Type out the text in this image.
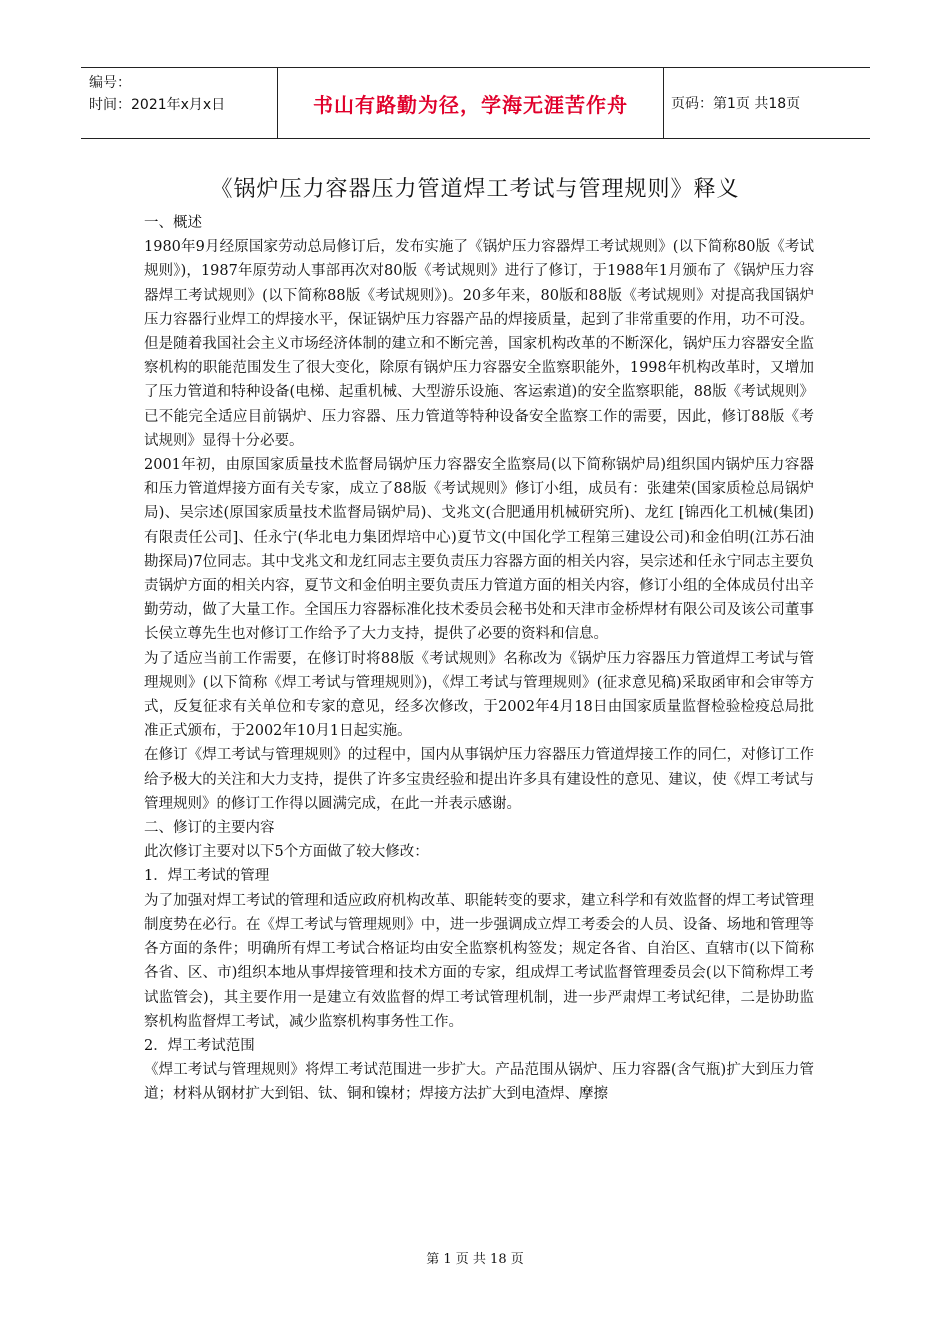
编号：
时间：2021年x月x日	书山有路勤为径，学海无涯苦作舟	页码：第1页 共18页
《锅炉压力容器压力管道焊工考试与管理规则》释义

一、概述

1980年9月经原国家劳动总局修订后，发布实施了《锅炉压力容器焊工考试规则》(以下简称80版《考试规则》)，1987年原劳动人事部再次对80版《考试规则》进行了修订，于1988年1月颁布了《锅炉压力容器焊工考试规则》(以下简称88版《考试规则》)。20多年来，80版和88版《考试规则》对提高我国锅炉压力容器行业焊工的焊接水平，保证锅炉压力容器产品的焊接质量，起到了非常重要的作用，功不可没。但是随着我国社会主义市场经济体制的建立和不断完善，国家机构改革的不断深化，锅炉压力容器安全监察机构的职能范围发生了很大变化，除原有锅炉压力容器安全监察职能外，1998年机构改革时，又增加了压力管道和特种设备(电梯、起重机械、大型游乐设施、客运索道)的安全监察职能，88版《考试规则》已不能完全适应目前锅炉、压力容器、压力管道等特种设备安全监察工作的需要，因此，修订88版《考试规则》显得十分必要。

2001年初，由原国家质量技术监督局锅炉压力容器安全监察局(以下简称锅炉局)组织国内锅炉压力容器和压力管道焊接方面有关专家，成立了88版《考试规则》修订小组，成员有：张建荣(国家质检总局锅炉局)、吴宗述(原国家质量技术监督局锅炉局)、戈兆文(合肥通用机械研究所)、龙红 [锦西化工机械(集团)有限责任公司]、任永宁(华北电力集团焊培中心)夏节文(中国化学工程第三建设公司)和金伯明(江苏石油勘探局)7位同志。其中戈兆文和龙红同志主要负责压力容器方面的相关内容，吴宗述和任永宁同志主要负责锅炉方面的相关内容，夏节文和金伯明主要负责压力管道方面的相关内容，修订小组的全体成员付出辛勤劳动，做了大量工作。全国压力容器标准化技术委员会秘书处和天津市金桥焊材有限公司及该公司董事长侯立尊先生也对修订工作给予了大力支持，提供了必要的资料和信息。

为了适应当前工作需要，在修订时将88版《考试规则》名称改为《锅炉压力容器压力管道焊工考试与管理规则》(以下简称《焊工考试与管理规则》)，《焊工考试与管理规则》(征求意见稿)采取函审和会审等方式，反复征求有关单位和专家的意见，经多次修改，于2002年4月18日由国家质量监督检验检疫总局批准正式颁布，于2002年10月1日起实施。

在修订《焊工考试与管理规则》的过程中，国内从事锅炉压力容器压力管道焊接工作的同仁，对修订工作给予极大的关注和大力支持，提供了许多宝贵经验和提出许多具有建设性的意见、建议，使《焊工考试与管理规则》的修订工作得以圆满完成，在此一并表示感谢。

二、修订的主要内容

此次修订主要对以下5个方面做了较大修改：

1．焊工考试的管理

为了加强对焊工考试的管理和适应政府机构改革、职能转变的要求，建立科学和有效监督的焊工考试管理制度势在必行。在《焊工考试与管理规则》中，进一步强调成立焊工考委会的人员、设备、场地和管理等各方面的条件；明确所有焊工考试合格证均由安全监察机构签发；规定各省、自治区、直辖市(以下简称各省、区、市)组织本地从事焊接管理和技术方面的专家，组成焊工考试监督管理委员会(以下简称焊工考试监管会)，其主要作用一是建立有效监督的焊工考试管理机制，进一步严肃焊工考试纪律，二是协助监察机构监督焊工考试，减少监察机构事务性工作。

2．焊工考试范围

《焊工考试与管理规则》将焊工考试范围进一步扩大。产品范围从锅炉、压力容器(含气瓶)扩大到压力管道；材料从钢材扩大到铝、钛、铜和镍材；焊接方法扩大到电渣焊、摩擦

第 1 页 共 18 页
